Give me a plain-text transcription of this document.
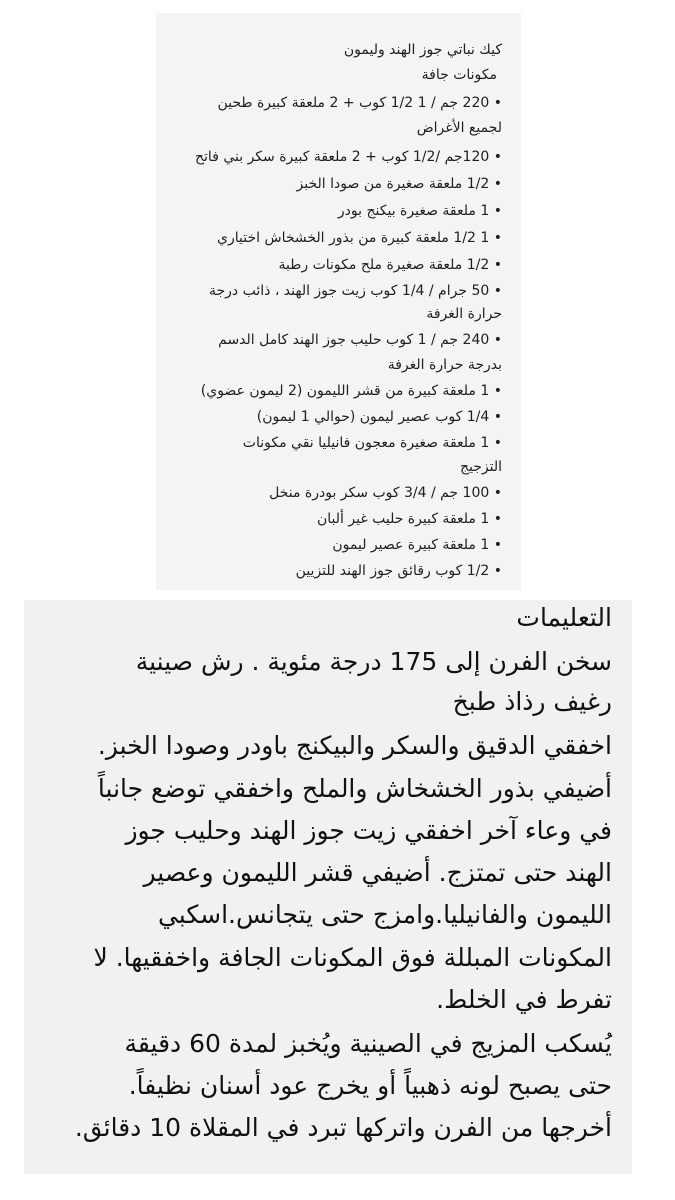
كيك نباتي جوز الهند وليمون
مكونات جافة
• 220 جم / 1 1/2 كوب + 2 ملعقة كبيرة طحين
لجميع الأغراض
• 120جم /1/2 كوب + 2 ملعقة كبيرة سكر بني فاتح
• 1/2 ملعقة صغيرة من صودا الخبز
• 1 ملعقة صغيرة بيكنج بودر
• 1 1/2 ملعقة كبيرة من بذور الخشخاش اختياري
• 1/2 ملعقة صغيرة ملح مكونات رطبة
• 50 جرام / 1/4 كوب زيت جوز الهند ، ذائب درجة
حرارة الغرفة
• 240 جم / 1 كوب حليب جوز الهند كامل الدسم
بدرجة حرارة الغرفة
• 1 ملعقة كبيرة من قشر الليمون (2 ليمون عضوي)
• 1/4 كوب عصير ليمون (حوالي 1 ليمون)
• 1 ملعقة صغيرة معجون فانيليا نقي مكونات
التزجيج
• 100 جم / 3/4 كوب سكر بودرة منخل
• 1 ملعقة كبيرة حليب غير ألبان
• 1 ملعقة كبيرة عصير ليمون
• 1/2 كوب رقائق جوز الهند للتزيين
التعليمات
سخن الفرن إلى 175 درجة مئوية . رش صينية
رغيف رذاذ طبخ
اخفقي الدقيق والسكر والبيكنج باودر وصودا الخبز.
أضيفي بذور الخشخاش والملح واخفقي توضع جانباً
في وعاء آخر اخفقي زيت جوز الهند وحليب جوز
الهند حتى تمتزج. أضيفي قشر الليمون وعصير
الليمون والفانيليا.وامزج حتى يتجانس.اسكبي
المكونات المبللة فوق المكونات الجافة واخفقيها. لا
تفرط في الخلط.
يُسكب المزيج في الصينية ويُخبز لمدة 60 دقيقة
حتى يصبح لونه ذهبياً أو يخرج عود أسنان نظيفاً.
أخرجها من الفرن واتركها تبرد في المقلاة 10 دقائق.
